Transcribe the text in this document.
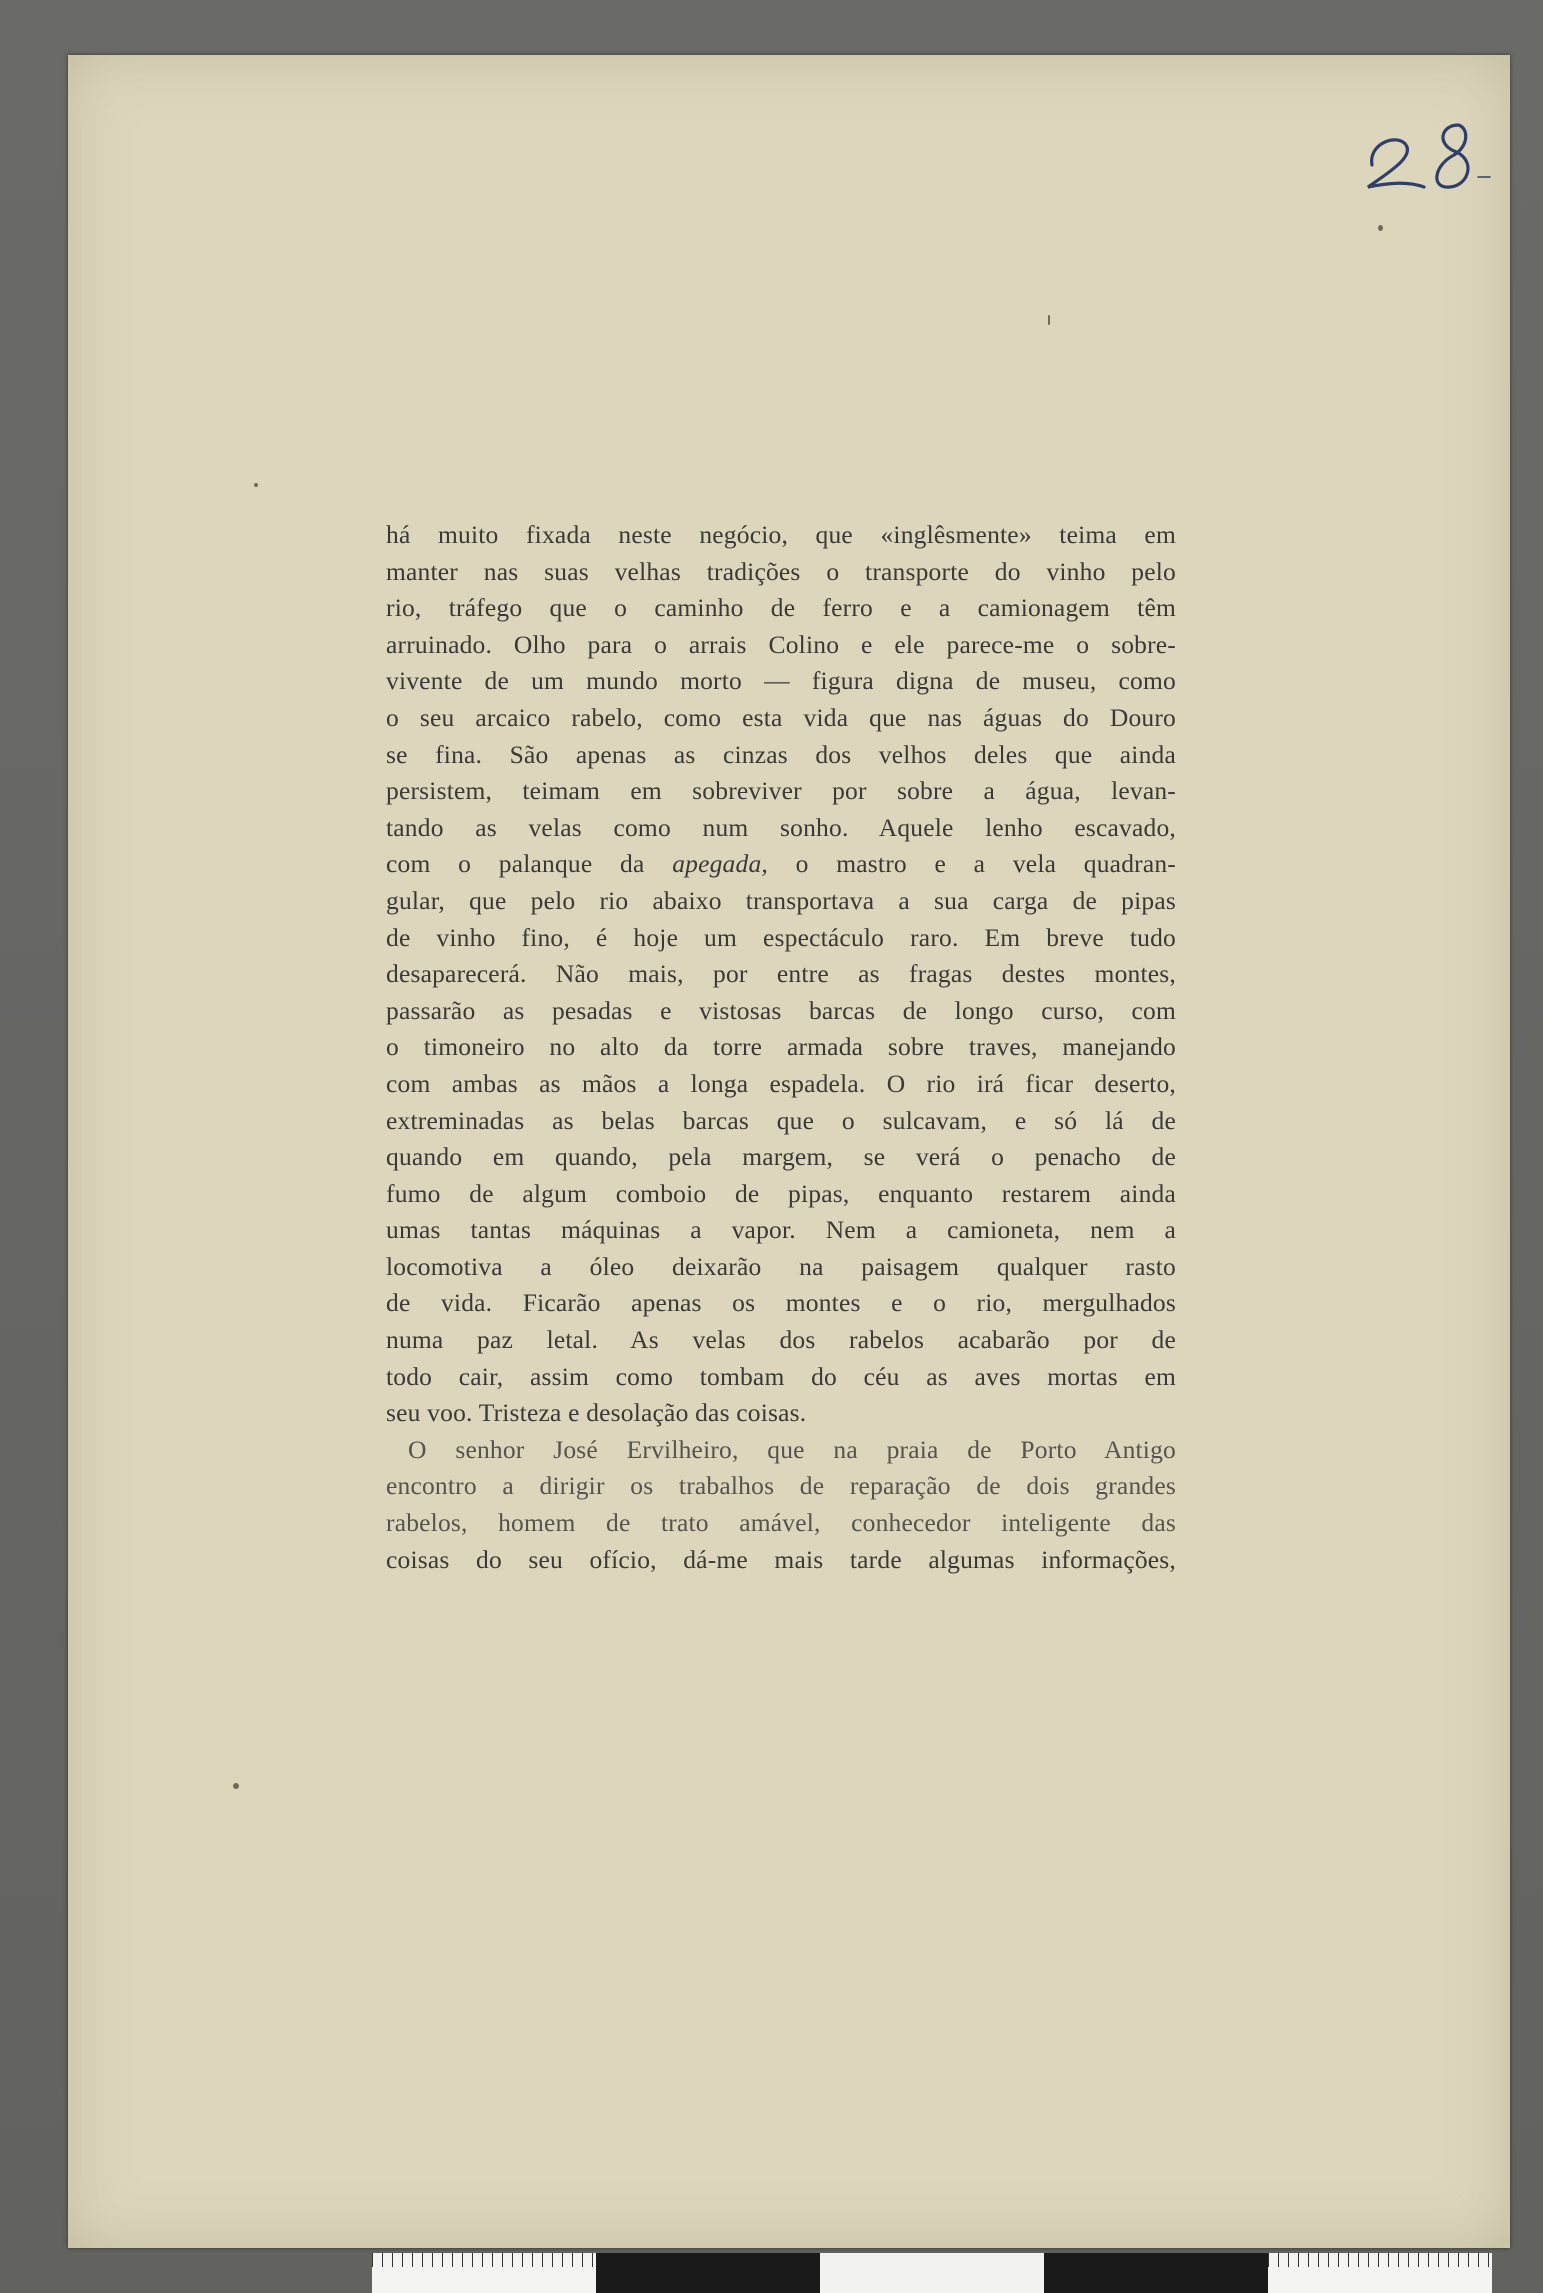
há muito fixada neste negócio, que «inglêsmente» teima em
manter nas suas velhas tradições o transporte do vinho pelo
rio, tráfego que o caminho de ferro e a camionagem têm
arruinado. Olho para o arrais Colino e ele parece-me o sobre-
vivente de um mundo morto — figura digna de museu, como
o seu arcaico rabelo, como esta vida que nas águas do Douro
se fina. São apenas as cinzas dos velhos deles que ainda
persistem, teimam em sobreviver por sobre a água, levan-
tando as velas como num sonho. Aquele lenho escavado,
com o palanque da apegada, o mastro e a vela quadran-
gular, que pelo rio abaixo transportava a sua carga de pipas
de vinho fino, é hoje um espectáculo raro. Em breve tudo
desaparecerá. Não mais, por entre as fragas destes montes,
passarão as pesadas e vistosas barcas de longo curso, com
o timoneiro no alto da torre armada sobre traves, manejando
com ambas as mãos a longa espadela. O rio irá ficar deserto,
extreminadas as belas barcas que o sulcavam, e só lá de
quando em quando, pela margem, se verá o penacho de
fumo de algum comboio de pipas, enquanto restarem ainda
umas tantas máquinas a vapor. Nem a camioneta, nem a
locomotiva a óleo deixarão na paisagem qualquer rasto
de vida. Ficarão apenas os montes e o rio, mergulhados
numa paz letal. As velas dos rabelos acabarão por de
todo cair, assim como tombam do céu as aves mortas em
seu voo. Tristeza e desolação das coisas.
O senhor José Ervilheiro, que na praia de Porto Antigo
encontro a dirigir os trabalhos de reparação de dois grandes
rabelos, homem de trato amável, conhecedor inteligente das
coisas do seu ofício, dá-me mais tarde algumas informações,
